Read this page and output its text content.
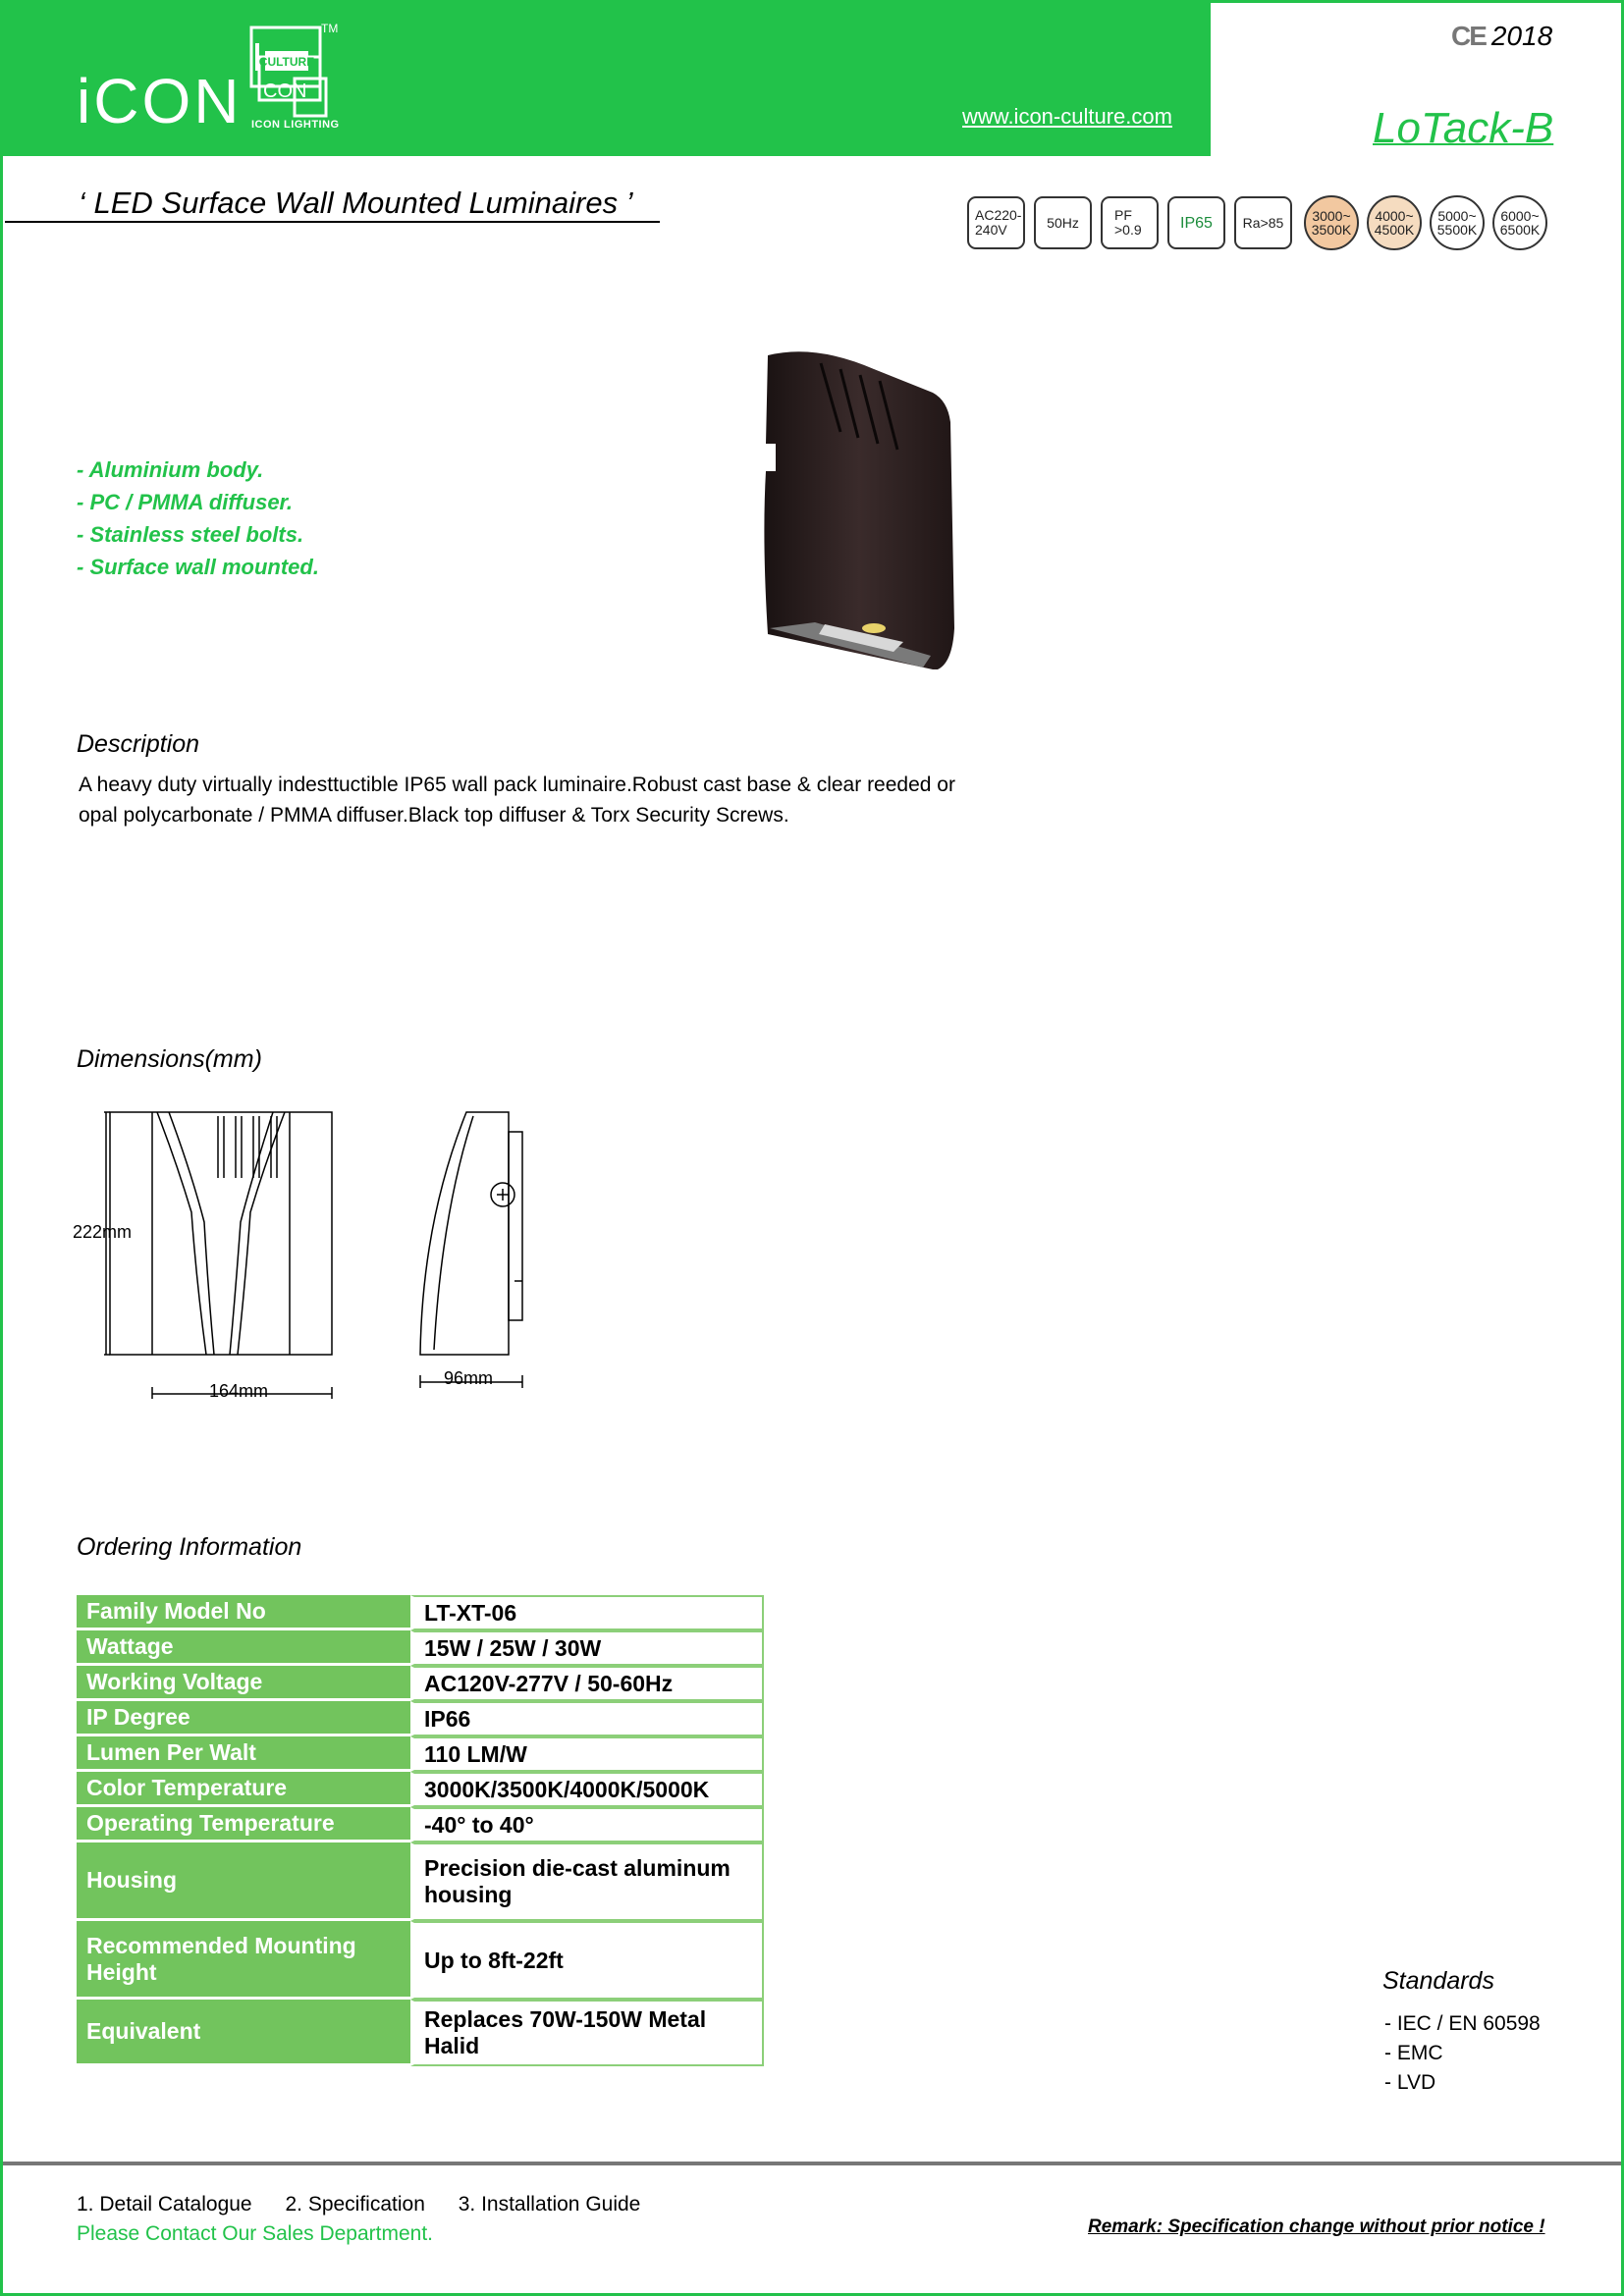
iCON
CULTURE
CON
TM
ICON LIGHTING	www.icon-culture.com
CE 2018
LoTack-B
‘ LED Surface Wall Mounted Luminaires ’	AC220-
240V	50Hz	PF
>0.9 IP65 Ra>85 3000~
3500K
4000~
4500K
5000~
5500K
6000~
6500K
- Aluminium body.
- PC / PMMA diffuser.
- Stainless steel bolts.
- Surface wall mounted.
Description
A heavy duty virtually indesttuctible IP65 wall pack luminaire.Robust cast base & clear reeded or opal polycarbonate / PMMA diffuser.Black top diffuser & Torx Security Screws.
Dimensions(mm)
222mm
164mm
96mm
Ordering Information
Family Model No	LT-XT-06
Wattage	15W / 25W / 30W
Working Voltage	AC120V-277V / 50-60Hz
IP Degree	IP66
Lumen Per Walt	110 LM/W
Color Temperature	3000K/3500K/4000K/5000K
Operating Temperature	-40° to 40°
Housing	Precision die-cast aluminum housing
Recommended Mounting Height	Up to 8ft-22ft
Equivalent	Replaces 70W-150W Metal Halid
Standards
- IEC / EN 60598
- EMC
- LVD
1. Detail Catalogue 2. Specification 3. Installation Guide
Please Contact Our Sales Department.	Remark: Specification change without prior notice !
